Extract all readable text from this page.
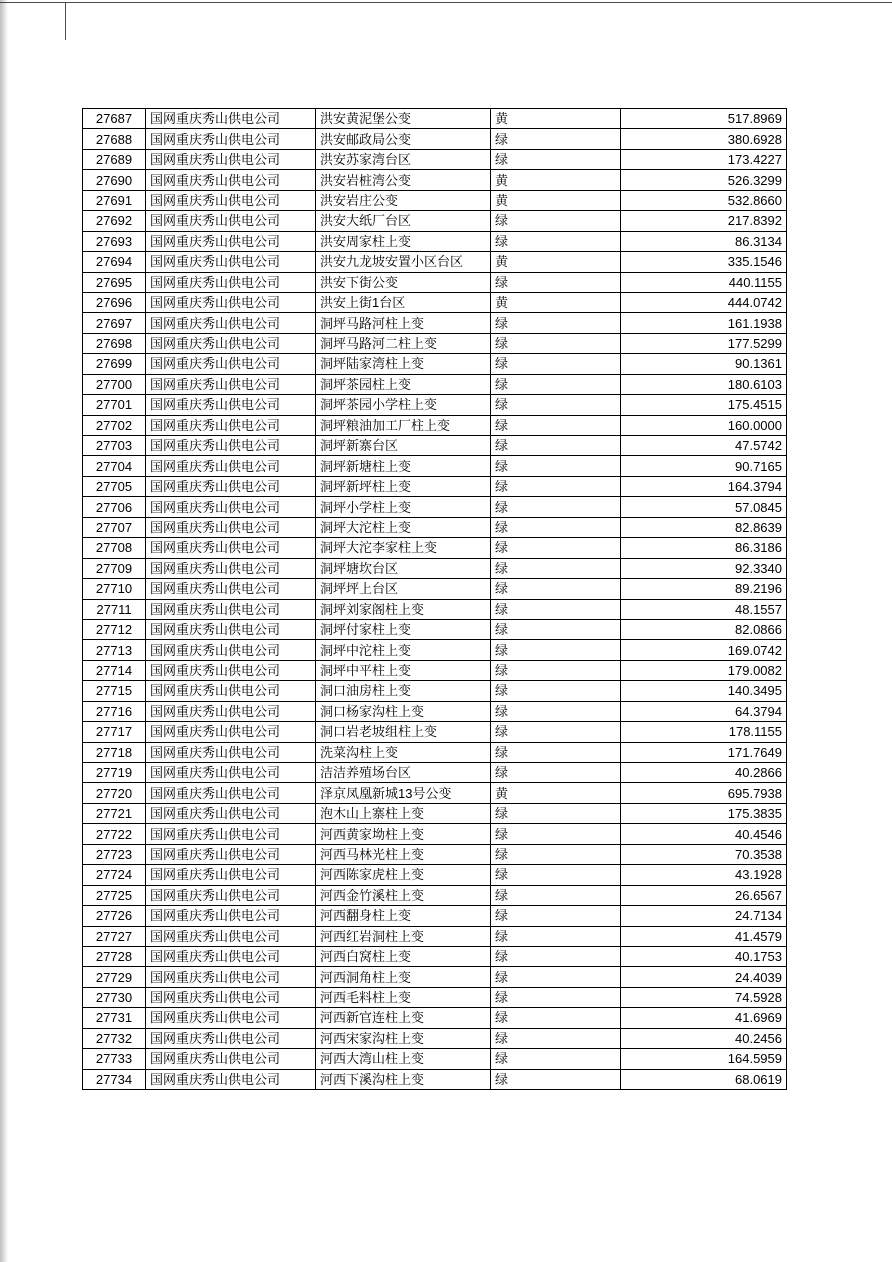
27687	国网重庆秀山供电公司	洪安黄泥堡公变	黄	517.8969
27688	国网重庆秀山供电公司	洪安邮政局公变	绿	380.6928
27689	国网重庆秀山供电公司	洪安苏家湾台区	绿	173.4227
27690	国网重庆秀山供电公司	洪安岩桩湾公变	黄	526.3299
27691	国网重庆秀山供电公司	洪安岩庄公变	黄	532.8660
27692	国网重庆秀山供电公司	洪安大纸厂台区	绿	217.8392
27693	国网重庆秀山供电公司	洪安周家柱上变	绿	86.3134
27694	国网重庆秀山供电公司	洪安九龙坡安置小区台区	黄	335.1546
27695	国网重庆秀山供电公司	洪安下街公变	绿	440.1155
27696	国网重庆秀山供电公司	洪安上街1台区	黄	444.0742
27697	国网重庆秀山供电公司	洞坪马路河柱上变	绿	161.1938
27698	国网重庆秀山供电公司	洞坪马路河二柱上变	绿	177.5299
27699	国网重庆秀山供电公司	洞坪陆家湾柱上变	绿	90.1361
27700	国网重庆秀山供电公司	洞坪茶园柱上变	绿	180.6103
27701	国网重庆秀山供电公司	洞坪茶园小学柱上变	绿	175.4515
27702	国网重庆秀山供电公司	洞坪粮油加工厂柱上变	绿	160.0000
27703	国网重庆秀山供电公司	洞坪新寨台区	绿	47.5742
27704	国网重庆秀山供电公司	洞坪新塘柱上变	绿	90.7165
27705	国网重庆秀山供电公司	洞坪新坪柱上变	绿	164.3794
27706	国网重庆秀山供电公司	洞坪小学柱上变	绿	57.0845
27707	国网重庆秀山供电公司	洞坪大沱柱上变	绿	82.8639
27708	国网重庆秀山供电公司	洞坪大沱李家柱上变	绿	86.3186
27709	国网重庆秀山供电公司	洞坪塘坎台区	绿	92.3340
27710	国网重庆秀山供电公司	洞坪坪上台区	绿	89.2196
27711	国网重庆秀山供电公司	洞坪刘家阁柱上变	绿	48.1557
27712	国网重庆秀山供电公司	洞坪付家柱上变	绿	82.0866
27713	国网重庆秀山供电公司	洞坪中沱柱上变	绿	169.0742
27714	国网重庆秀山供电公司	洞坪中平柱上变	绿	179.0082
27715	国网重庆秀山供电公司	洞口油房柱上变	绿	140.3495
27716	国网重庆秀山供电公司	洞口杨家沟柱上变	绿	64.3794
27717	国网重庆秀山供电公司	洞口岩老坡组柱上变	绿	178.1155
27718	国网重庆秀山供电公司	洗菜沟柱上变	绿	171.7649
27719	国网重庆秀山供电公司	洁洁养殖场台区	绿	40.2866
27720	国网重庆秀山供电公司	泽京凤凰新城13号公变	黄	695.7938
27721	国网重庆秀山供电公司	泡木山上寨柱上变	绿	175.3835
27722	国网重庆秀山供电公司	河西黄家坳柱上变	绿	40.4546
27723	国网重庆秀山供电公司	河西马林光柱上变	绿	70.3538
27724	国网重庆秀山供电公司	河西陈家虎柱上变	绿	43.1928
27725	国网重庆秀山供电公司	河西金竹溪柱上变	绿	26.6567
27726	国网重庆秀山供电公司	河西翻身柱上变	绿	24.7134
27727	国网重庆秀山供电公司	河西红岩洞柱上变	绿	41.4579
27728	国网重庆秀山供电公司	河西白窝柱上变	绿	40.1753
27729	国网重庆秀山供电公司	河西洞角柱上变	绿	24.4039
27730	国网重庆秀山供电公司	河西毛料柱上变	绿	74.5928
27731	国网重庆秀山供电公司	河西新官连柱上变	绿	41.6969
27732	国网重庆秀山供电公司	河西宋家沟柱上变	绿	40.2456
27733	国网重庆秀山供电公司	河西大湾山柱上变	绿	164.5959
27734	国网重庆秀山供电公司	河西下溪沟柱上变	绿	68.0619
